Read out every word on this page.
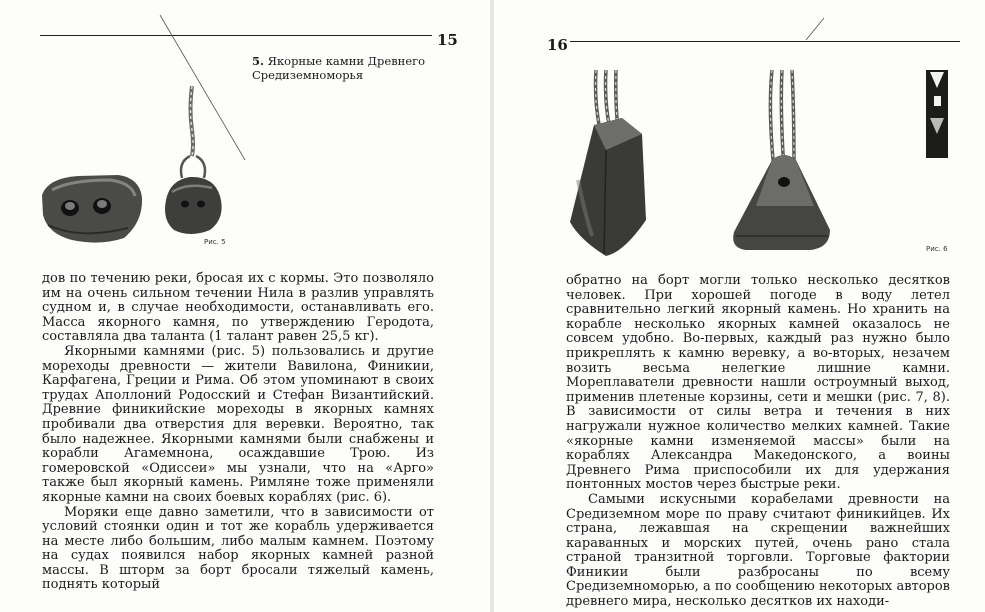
15
5. Якорные камни Древнего Средиземноморья
Рис. 5

дов по течению реки, бросая их с кормы. Это позволяло им на очень сильном течении Нила в разлив управлять судном и, в случае необходимости, останавливать его. Масса якорного камня, по утверждению Геродота, составляла два таланта (1 талант равен 25,5 кг).

Якорными камнями (рис. 5) пользовались и другие мореходы древности — жители Вавилона, Финикии, Карфагена, Греции и Рима. Об этом упоминают в своих трудах Аполлоний Родосский и Стефан Византийский. Древние финикийские мореходы в якорных камнях пробивали два отверстия для веревки. Вероятно, так было надежнее. Якорными камнями были снабжены и корабли Агамемнона, осаждавшие Трою. Из гомеровской «Одиссеи» мы узнали, что на «Арго» также был якорный камень. Римляне тоже применяли якорные камни на своих боевых кораблях (рис. 6).

Моряки еще давно заметили, что в зависимости от условий стоянки один и тот же корабль удерживается на месте либо большим, либо малым камнем. Поэтому на судах появился набор якорных камней разной массы. В шторм за борт бросали тяжелый камень, поднять который

16
Рис. 6

обратно на борт могли только несколько десятков человек. При хорошей погоде в воду летел сравнительно легкий якорный камень. Но хранить на корабле несколько якорных камней оказалось не совсем удобно. Во-первых, каждый раз нужно было прикреплять к камню веревку, а во-вторых, незачем возить весьма нелегкие лишние камни. Мореплаватели древности нашли остроумный выход, применив плетеные корзины, сети и мешки (рис. 7, 8). В зависимости от силы ветра и течения в них нагружали нужное количество мелких камней. Такие «якорные камни изменяемой массы» были на кораблях Александра Македонского, а воины Древнего Рима приспособили их для удержания понтонных мостов через быстрые реки.

Самыми искусными корабелами древности на Средиземном море по праву считают финикийцев. Их страна, лежавшая на скрещении важнейших караванных и морских путей, очень рано стала страной транзитной торговли. Торговые фактории Финикии были разбросаны по всему Средиземноморью, а по сообщению некоторых авторов древнего мира, несколько десятков их находи-
